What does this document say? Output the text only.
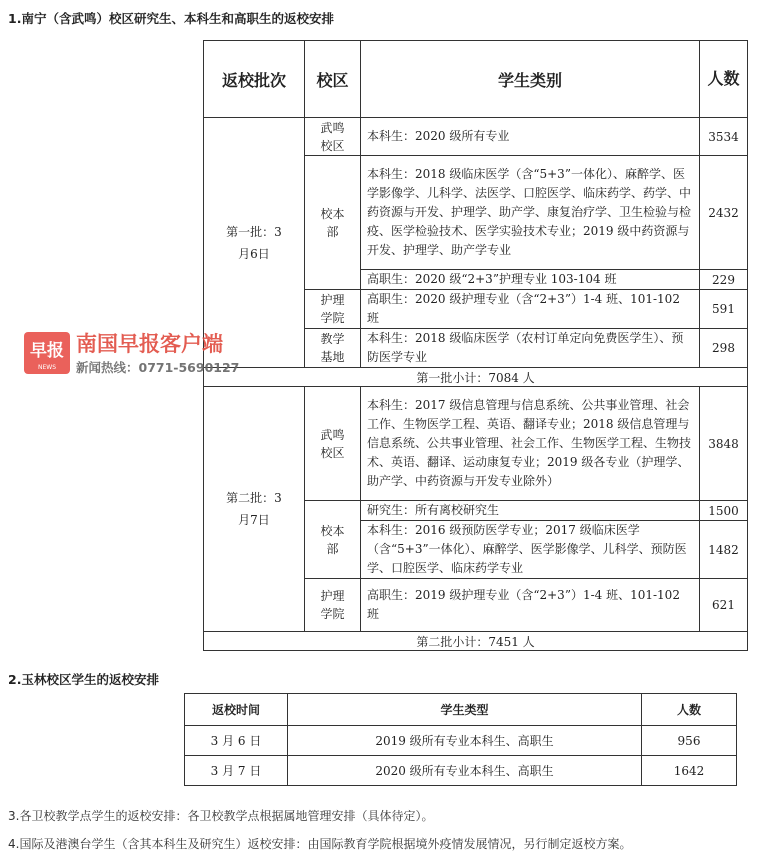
1.南宁（含武鸣）校区研究生、本科生和高职生的返校安排
返校批次	校区	学生类别	人数
第一批：3月6日	武鸣校区	本科生：2020 级所有专业	3534
	校本部	本科生：2018 级临床医学（含“5+3”一体化）、麻醉学、医学影像学、儿科学、法医学、口腔医学、临床药学、药学、中药资源与开发、护理学、助产学、康复治疗学、卫生检验与检疫、医学检验技术、医学实验技术专业；2019 级中药资源与开发、护理学、助产学专业	2432
		高职生：2020 级“2+3”护理专业 103-104 班	229
	护理学院	高职生：2020 级护理专业（含“2+3”）1-4 班、101-102 班	591
	教学基地	本科生：2018 级临床医学（农村订单定向免费医学生）、预防医学专业	298
第一批小计：7084 人			
第二批：3月7日	武鸣校区	本科生：2017 级信息管理与信息系统、公共事业管理、社会工作、生物医学工程、英语、翻译专业；2018 级信息管理与信息系统、公共事业管理、社会工作、生物医学工程、生物技术、英语、翻译、运动康复专业；2019 级各专业（护理学、助产学、中药资源与开发专业除外）	3848
	校本部	研究生：所有离校研究生	1500
		本科生：2016 级预防医学专业；2017 级临床医学（含“5+3”一体化）、麻醉学、医学影像学、儿科学、预防医学、口腔医学、临床药学专业	1482
	护理学院	高职生：2019 级护理专业（含“2+3”）1-4 班、101-102 班	621
第二批小计：7451 人			
早报
NEWS
南国早报客户端
新闻热线：0771-5690127
2.玉林校区学生的返校安排
返校时间	学生类型	人数
3 月 6 日	2019 级所有专业本科生、高职生	956
3 月 7 日	2020 级所有专业本科生、高职生	1642
3.各卫校教学点学生的返校安排：各卫校教学点根据属地管理安排（具体待定）。
4.国际及港澳台学生（含其本科生及研究生）返校安排：由国际教育学院根据境外疫情发展情况，另行制定返校方案。
